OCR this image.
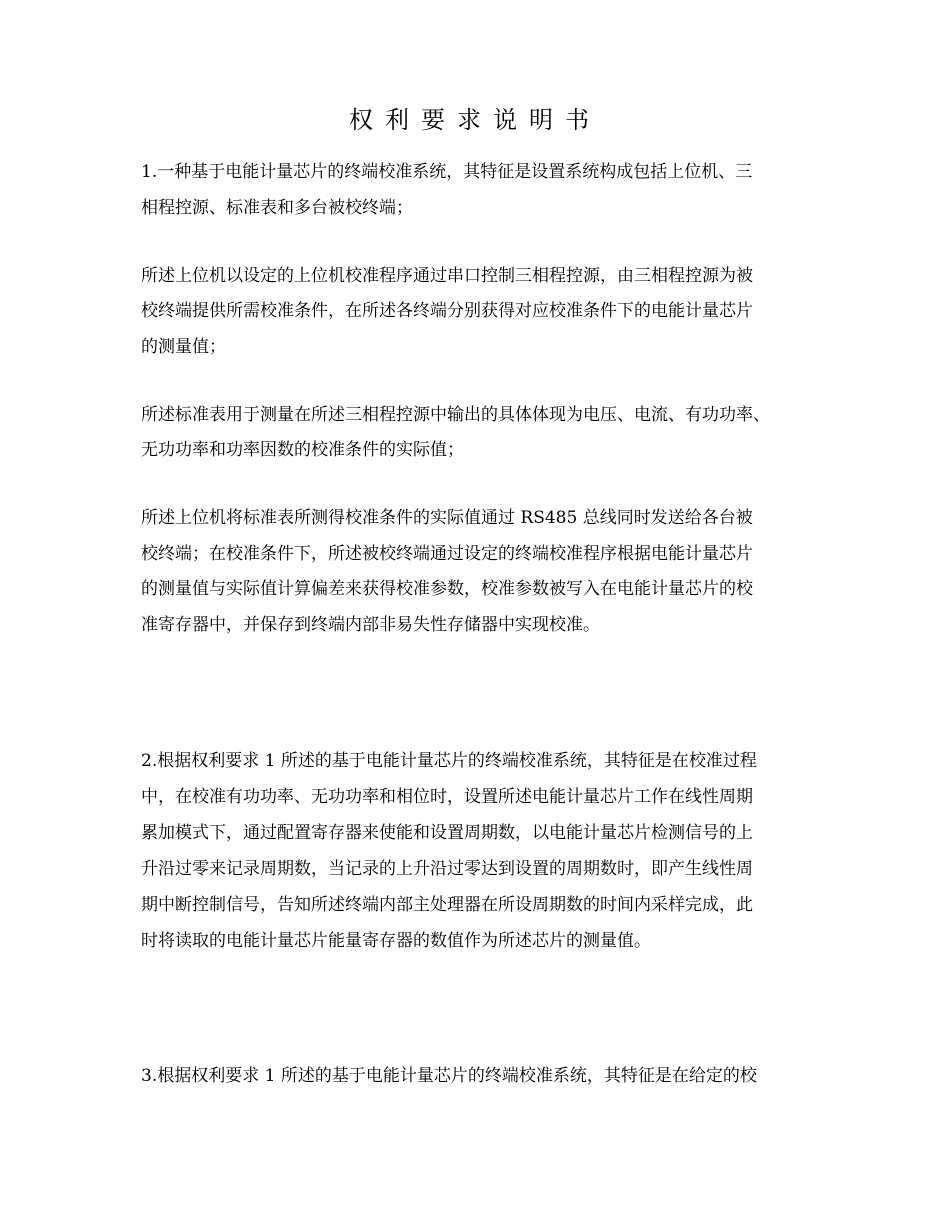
权利要求说明书
1.一种基于电能计量芯片的终端校准系统，其特征是设置系统构成包括上位机、三
相程控源、标准表和多台被校终端；
所述上位机以设定的上位机校准程序通过串口控制三相程控源，由三相程控源为被
校终端提供所需校准条件，在所述各终端分别获得对应校准条件下的电能计量芯片
的测量值；
所述标准表用于测量在所述三相程控源中输出的具体体现为电压、电流、有功功率、
无功功率和功率因数的校准条件的实际值；
所述上位机将标准表所测得校准条件的实际值通过 RS485 总线同时发送给各台被
校终端；在校准条件下，所述被校终端通过设定的终端校准程序根据电能计量芯片
的测量值与实际值计算偏差来获得校准参数，校准参数被写入在电能计量芯片的校
准寄存器中，并保存到终端内部非易失性存储器中实现校准。
2.根据权利要求 1 所述的基于电能计量芯片的终端校准系统，其特征是在校准过程
中，在校准有功功率、无功功率和相位时，设置所述电能计量芯片工作在线性周期
累加模式下，通过配置寄存器来使能和设置周期数，以电能计量芯片检测信号的上
升沿过零来记录周期数，当记录的上升沿过零达到设置的周期数时，即产生线性周
期中断控制信号，告知所述终端内部主处理器在所设周期数的时间内采样完成，此
时将读取的电能计量芯片能量寄存器的数值作为所述芯片的测量值。
3.根据权利要求 1 所述的基于电能计量芯片的终端校准系统，其特征是在给定的校
